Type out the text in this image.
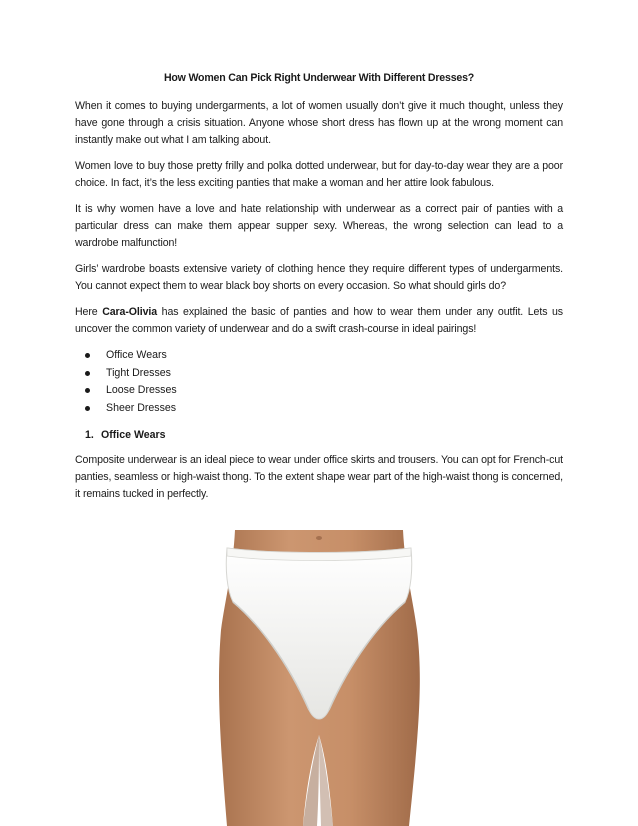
How Women Can Pick Right Underwear With Different Dresses?

When it comes to buying undergarments, a lot of women usually don’t give it much thought, unless they have gone through a crisis situation. Anyone whose short dress has flown up at the wrong moment can instantly make out what I am talking about.

Women love to buy those pretty frilly and polka dotted underwear, but for day-to-day wear they are a poor choice. In fact, it’s the less exciting panties that make a woman and her attire look fabulous.

It is why women have a love and hate relationship with underwear as a correct pair of panties with a particular dress can make them appear supper sexy. Whereas, the wrong selection can lead to a wardrobe malfunction!

Girls’ wardrobe boasts extensive variety of clothing hence they require different types of undergarments. You cannot expect them to wear black boy shorts on every occasion. So what should girls do?

Here Cara-Olivia has explained the basic of panties and how to wear them under any outfit. Lets us uncover the common variety of underwear and do a swift crash-course in ideal pairings!

Office Wears
Tight Dresses
Loose Dresses
Sheer Dresses
1. Office Wears

Composite underwear is an ideal piece to wear under office skirts and trousers. You can opt for French-cut panties, seamless or high-waist thong. To the extent shape wear part of the high-waist thong is concerned, it remains tucked in perfectly.
